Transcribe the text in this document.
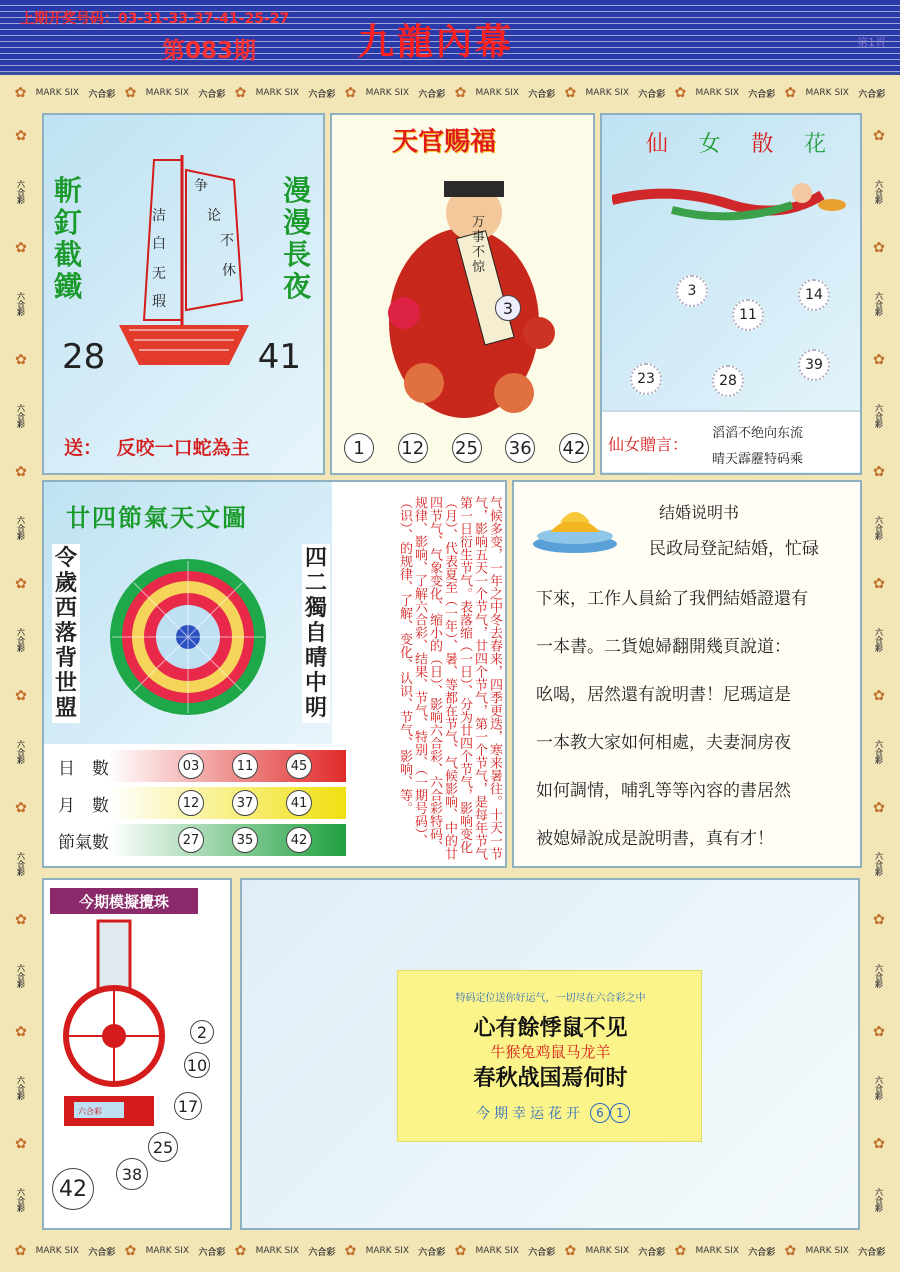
上期开奖号码：03-31-33-37-41-25-27
第083期	九龍內幕	第1頁
✿ MARK SIX 六合彩 ✿ MARK SIX 六合彩 ✿ MARK SIX 六合彩 ✿ MARK SIX 六合彩 ✿ MARK SIX 六合彩 ✿ MARK SIX 六合彩 ✿ MARK SIX 六合彩 ✿ MARK SIX 六合彩
✿ MARK SIX 六合彩 ✿ MARK SIX 六合彩 ✿ MARK SIX 六合彩 ✿ MARK SIX 六合彩 ✿ MARK SIX 六合彩 ✿ MARK SIX 六合彩 ✿ MARK SIX 六合彩 ✿ MARK SIX 六合彩
✿
六合彩
✿
六合彩
✿
六合彩
✿
六合彩
✿
六合彩
✿
六合彩
✿
六合彩
✿
六合彩
✿
六合彩
✿
六合彩
✿
六合彩
✿
六合彩
✿
六合彩
✿
六合彩
✿
六合彩
✿
六合彩
✿
六合彩
✿
六合彩
✿
六合彩
✿
六合彩
斬釘截鐵
漫漫長夜
争
论
不
休
洁
白
无
瑕
28	41
送： 反咬一口蛇為主
天官赐福
万事不惊
3
1	12 25 36 42
仙 女 散 花
3
11
14
23	28
39
仙女贈言：
滔滔不绝向东流
晴天霹靂特码乘
廿四節氣天文圖
令歲西落背世盟
四二獨自晴中明
日　數	03	11	45
月　數	12	37	41
節氣數	27	35	42	气候多变，一年之中冬去春来，四季更迭，寒来暑往。十天一节气，影响五天一个节气，廿四个节气，第一个节气，是每年节气第一日衍生节气。表落缩（一日）、分为廿四个节气，影响变化（月）、代表夏至（一年）、暑、等都在节气、气候影响、中的廿四节气、气象变化、缩小的（日）、影响六合彩、六合彩特码、规律、影响、了解六合彩、结果、节气、特别、（一期号码）、（识）、的规律、了解、变化、认识、节气、影响、等。	结婚说明书
民政局登記結婚，忙碌
下來，工作人員給了我們結婚證還有
一本書。二貨媳婦翻開幾頁說道：
吆喝，居然還有說明書！尼瑪這是
一本教大家如何相處，夫妻洞房夜
如何調情，哺乳等等內容的書居然
被媳婦說成是說明書，真有才！
今期模擬攪珠
六合彩
2
10
17
25
38
42
特码定位送你好运气，一切尽在六合彩之中
心有餘悸鼠不见
牛猴兔鸡鼠马龙羊
春秋战国焉何时
今期幸运花开	6	1
